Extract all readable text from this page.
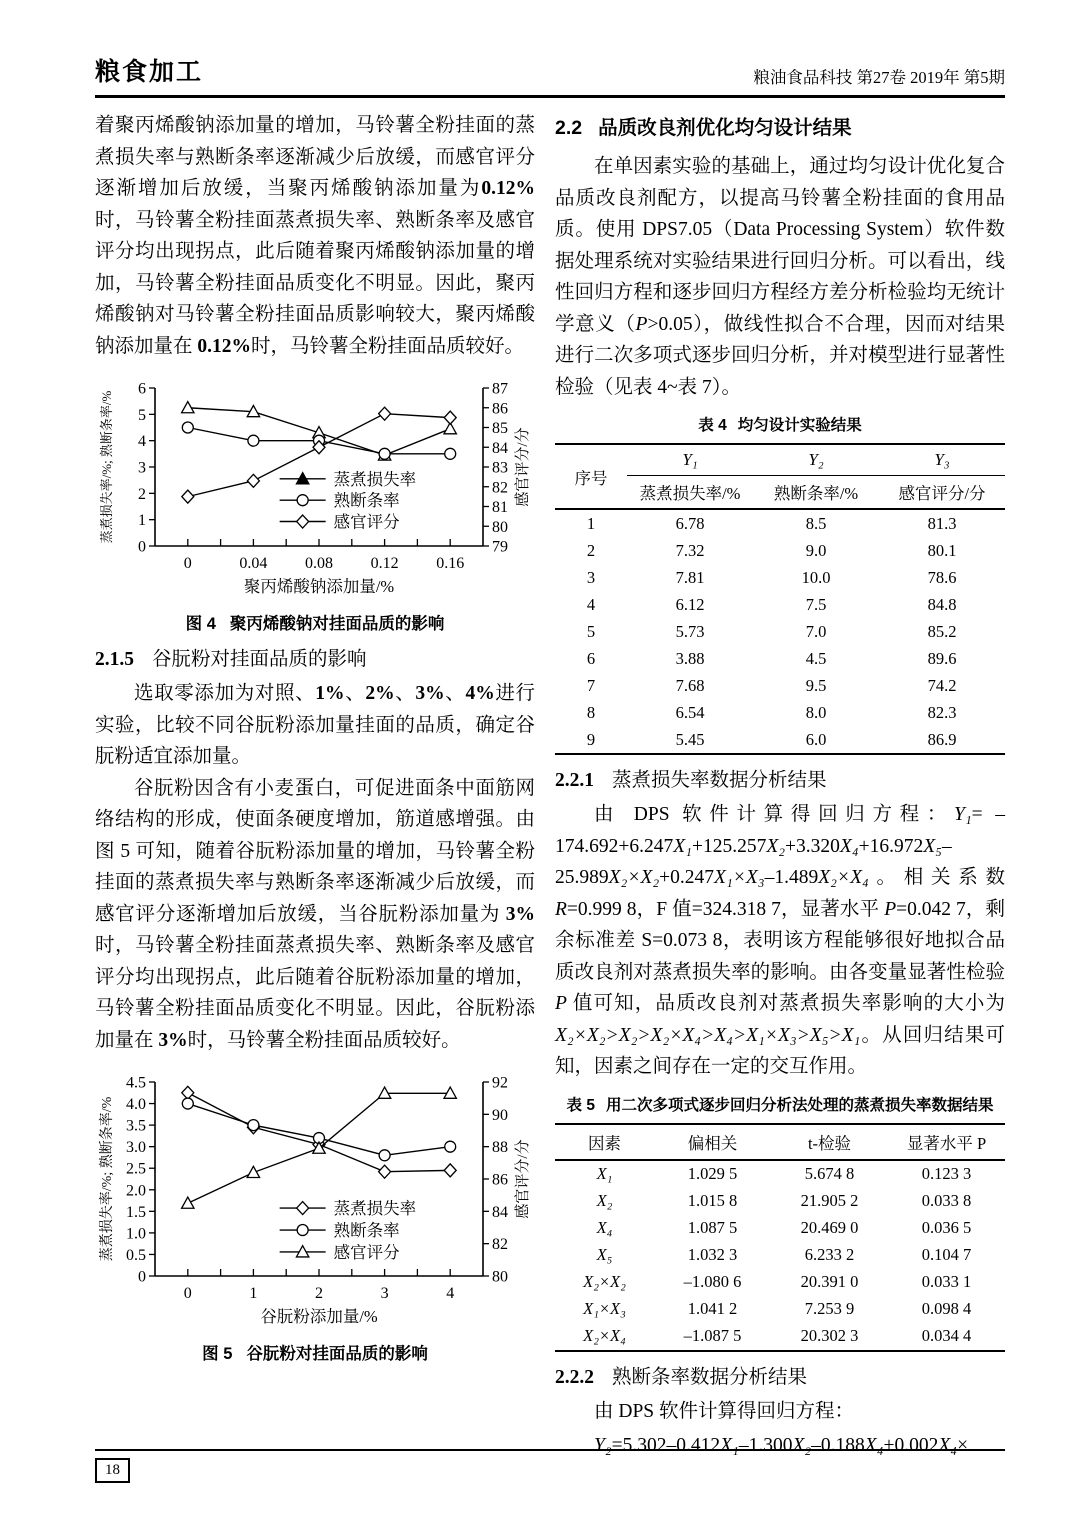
粮食加工	粮油食品科技 第27卷 2019年 第5期

着聚丙烯酸钠添加量的增加，马铃薯全粉挂面的蒸煮损失率与熟断条率逐渐减少后放缓，而感官评分逐渐增加后放缓，当聚丙烯酸钠添加量为0.12%时，马铃薯全粉挂面蒸煮损失率、熟断条率及感官评分均出现拐点，此后随着聚丙烯酸钠添加量的增加，马铃薯全粉挂面品质变化不明显。因此，聚丙烯酸钠对马铃薯全粉挂面品质影响较大，聚丙烯酸钠添加量在 0.12%时，马铃薯全粉挂面品质较好。

0
1
2
3
4
5
6
79
80
81
82
83
84
85
86
87
0	0.04 0.08 0.12 0.16
聚丙烯酸钠添加量/%
蒸煮损失率/%; 熟断条率/%	感官评分/分
蒸煮损失率
熟断条率
感官评分
图 4 聚丙烯酸钠对挂面品质的影响
2.1.5 谷朊粉对挂面品质的影响

选取零添加为对照、1%、2%、3%、4%进行实验，比较不同谷朊粉添加量挂面的品质，确定谷朊粉适宜添加量。

谷朊粉因含有小麦蛋白，可促进面条中面筋网络结构的形成，使面条硬度增加，筋道感增强。由图 5 可知，随着谷朊粉添加量的增加，马铃薯全粉挂面的蒸煮损失率与熟断条率逐渐减少后放缓，而感官评分逐渐增加后放缓，当谷朊粉添加量为 3%时，马铃薯全粉挂面蒸煮损失率、熟断条率及感官评分均出现拐点，此后随着谷朊粉添加量的增加，马铃薯全粉挂面品质变化不明显。因此，谷朊粉添加量在 3%时，马铃薯全粉挂面品质较好。

0
0.5
1.0
1.5
2.0
2.5
3.0
3.5
4.0
4.5
80
82
84
86
88
90
92
0	1	2	3	4
谷朊粉添加量/%
蒸煮损失率/%; 熟断条率/%	感官评分/分
蒸煮损失率
熟断条率
感官评分
图 5 谷朊粉对挂面品质的影响
2.2 品质改良剂优化均匀设计结果

在单因素实验的基础上，通过均匀设计优化复合品质改良剂配方，以提高马铃薯全粉挂面的食用品质。使用 DPS7.05（Data Processing System）软件数据处理系统对实验结果进行回归分析。可以看出，线性回归方程和逐步回归方程经方差分析检验均无统计学意义（P>0.05），做线性拟合不合理，因而对结果进行二次多项式逐步回归分析，并对模型进行显著性检验（见表 4~表 7）。

表 4 均匀设计实验结果
序号	Y₁	Y₂	Y₃
	蒸煮损失率/%	熟断条率/%	感官评分/分
1	6.78	8.5	81.3
2	7.32	9.0	80.1
3	7.81	10.0	78.6
4	6.12	7.5	84.8
5	5.73	7.0	85.2
6	3.88	4.5	89.6
7	7.68	9.5	74.2
8	6.54	8.0	82.3
9	5.45	6.0	86.9
2.2.1 蒸煮损失率数据分析结果

由 DPS 软件计算得回归方程：Y₁= –174.692+6.247X₁+125.257X₂+3.320X₄+16.972X₅–25.989X₂×X₂+0.247X₁×X₃–1.489X₂×X₄。相关系数 R=0.999 8，F 值=324.318 7，显著水平 P=0.042 7，剩余标准差 S=0.073 8，表明该方程能够很好地拟合品质改良剂对蒸煮损失率的影响。由各变量显著性检验 P 值可知，品质改良剂对蒸煮损失率影响的大小为 X₂×X₂>X₂>X₂×X₄>X₄>X₁×X₃>X₅>X₁。从回归结果可知，因素之间存在一定的交互作用。

表 5 用二次多项式逐步回归分析法处理的蒸煮损失率数据结果
因素	偏相关	t-检验	显著水平 P
X₁	1.029 5	5.674 8	0.123 3
X₂	1.015 8	21.905 2	0.033 8
X₄	1.087 5	20.469 0	0.036 5
X₅	1.032 3	6.233 2	0.104 7
X₂×X₂	–1.080 6	20.391 0	0.033 1
X₁×X₃	1.041 2	7.253 9	0.098 4
X₂×X₄	–1.087 5	20.302 3	0.034 4
2.2.2 熟断条率数据分析结果

由 DPS 软件计算得回归方程：

Y₂=5.302–0.412X₁–1.300X₂–0.188X₄+0.002X₄×

18
